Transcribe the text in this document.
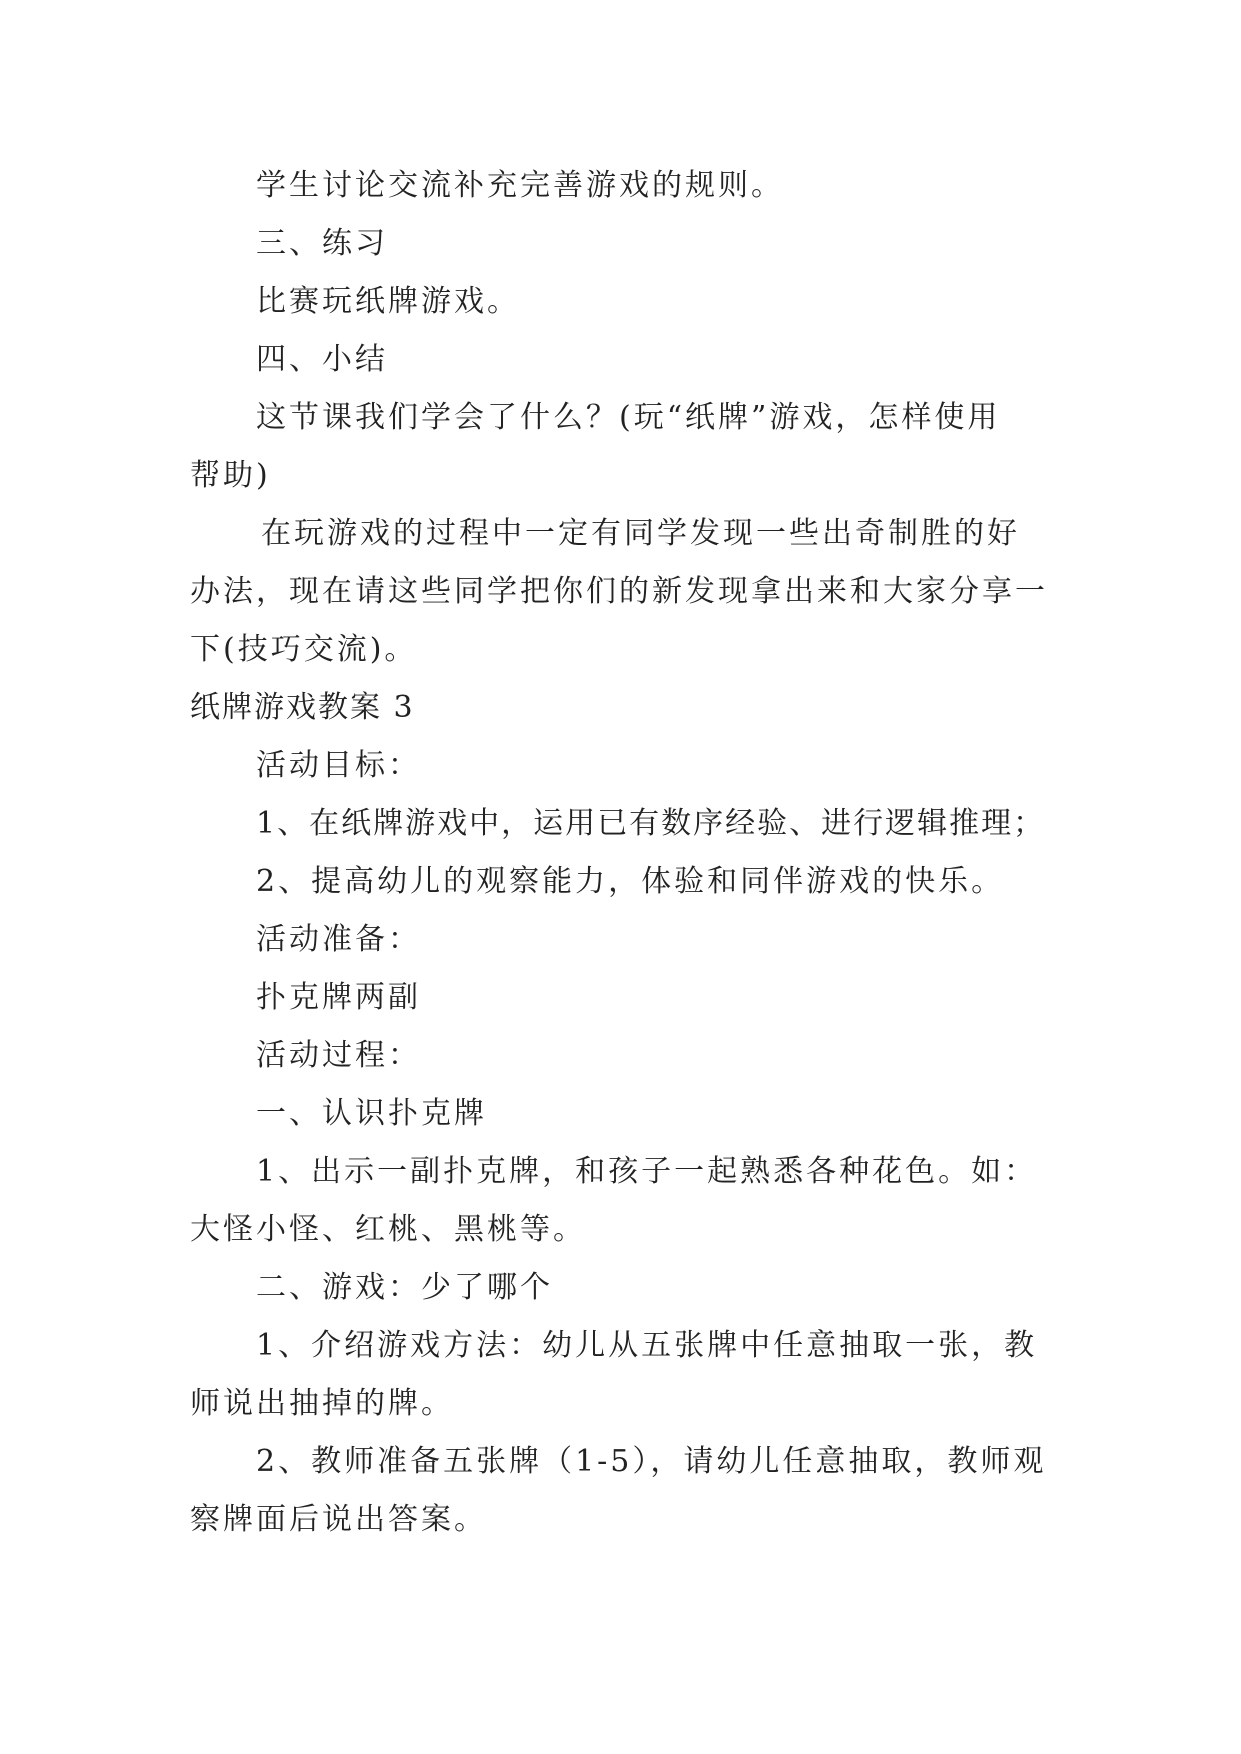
学生讨论交流补充完善游戏的规则。
三、练习
比赛玩纸牌游戏。
四、小结
这节课我们学会了什么？(玩“纸牌”游戏，怎样使用
帮助)
在玩游戏的过程中一定有同学发现一些出奇制胜的好
办法，现在请这些同学把你们的新发现拿出来和大家分享一
下(技巧交流)。
纸牌游戏教案 3
活动目标：
1、在纸牌游戏中，运用已有数序经验、进行逻辑推理；
2、提高幼儿的观察能力，体验和同伴游戏的快乐。
活动准备：
扑克牌两副
活动过程：
一、认识扑克牌
1、出示一副扑克牌，和孩子一起熟悉各种花色。如：
大怪小怪、红桃、黑桃等。
二、游戏：少了哪个
1、介绍游戏方法：幼儿从五张牌中任意抽取一张，教
师说出抽掉的牌。
2、教师准备五张牌（1-5），请幼儿任意抽取，教师观
察牌面后说出答案。
